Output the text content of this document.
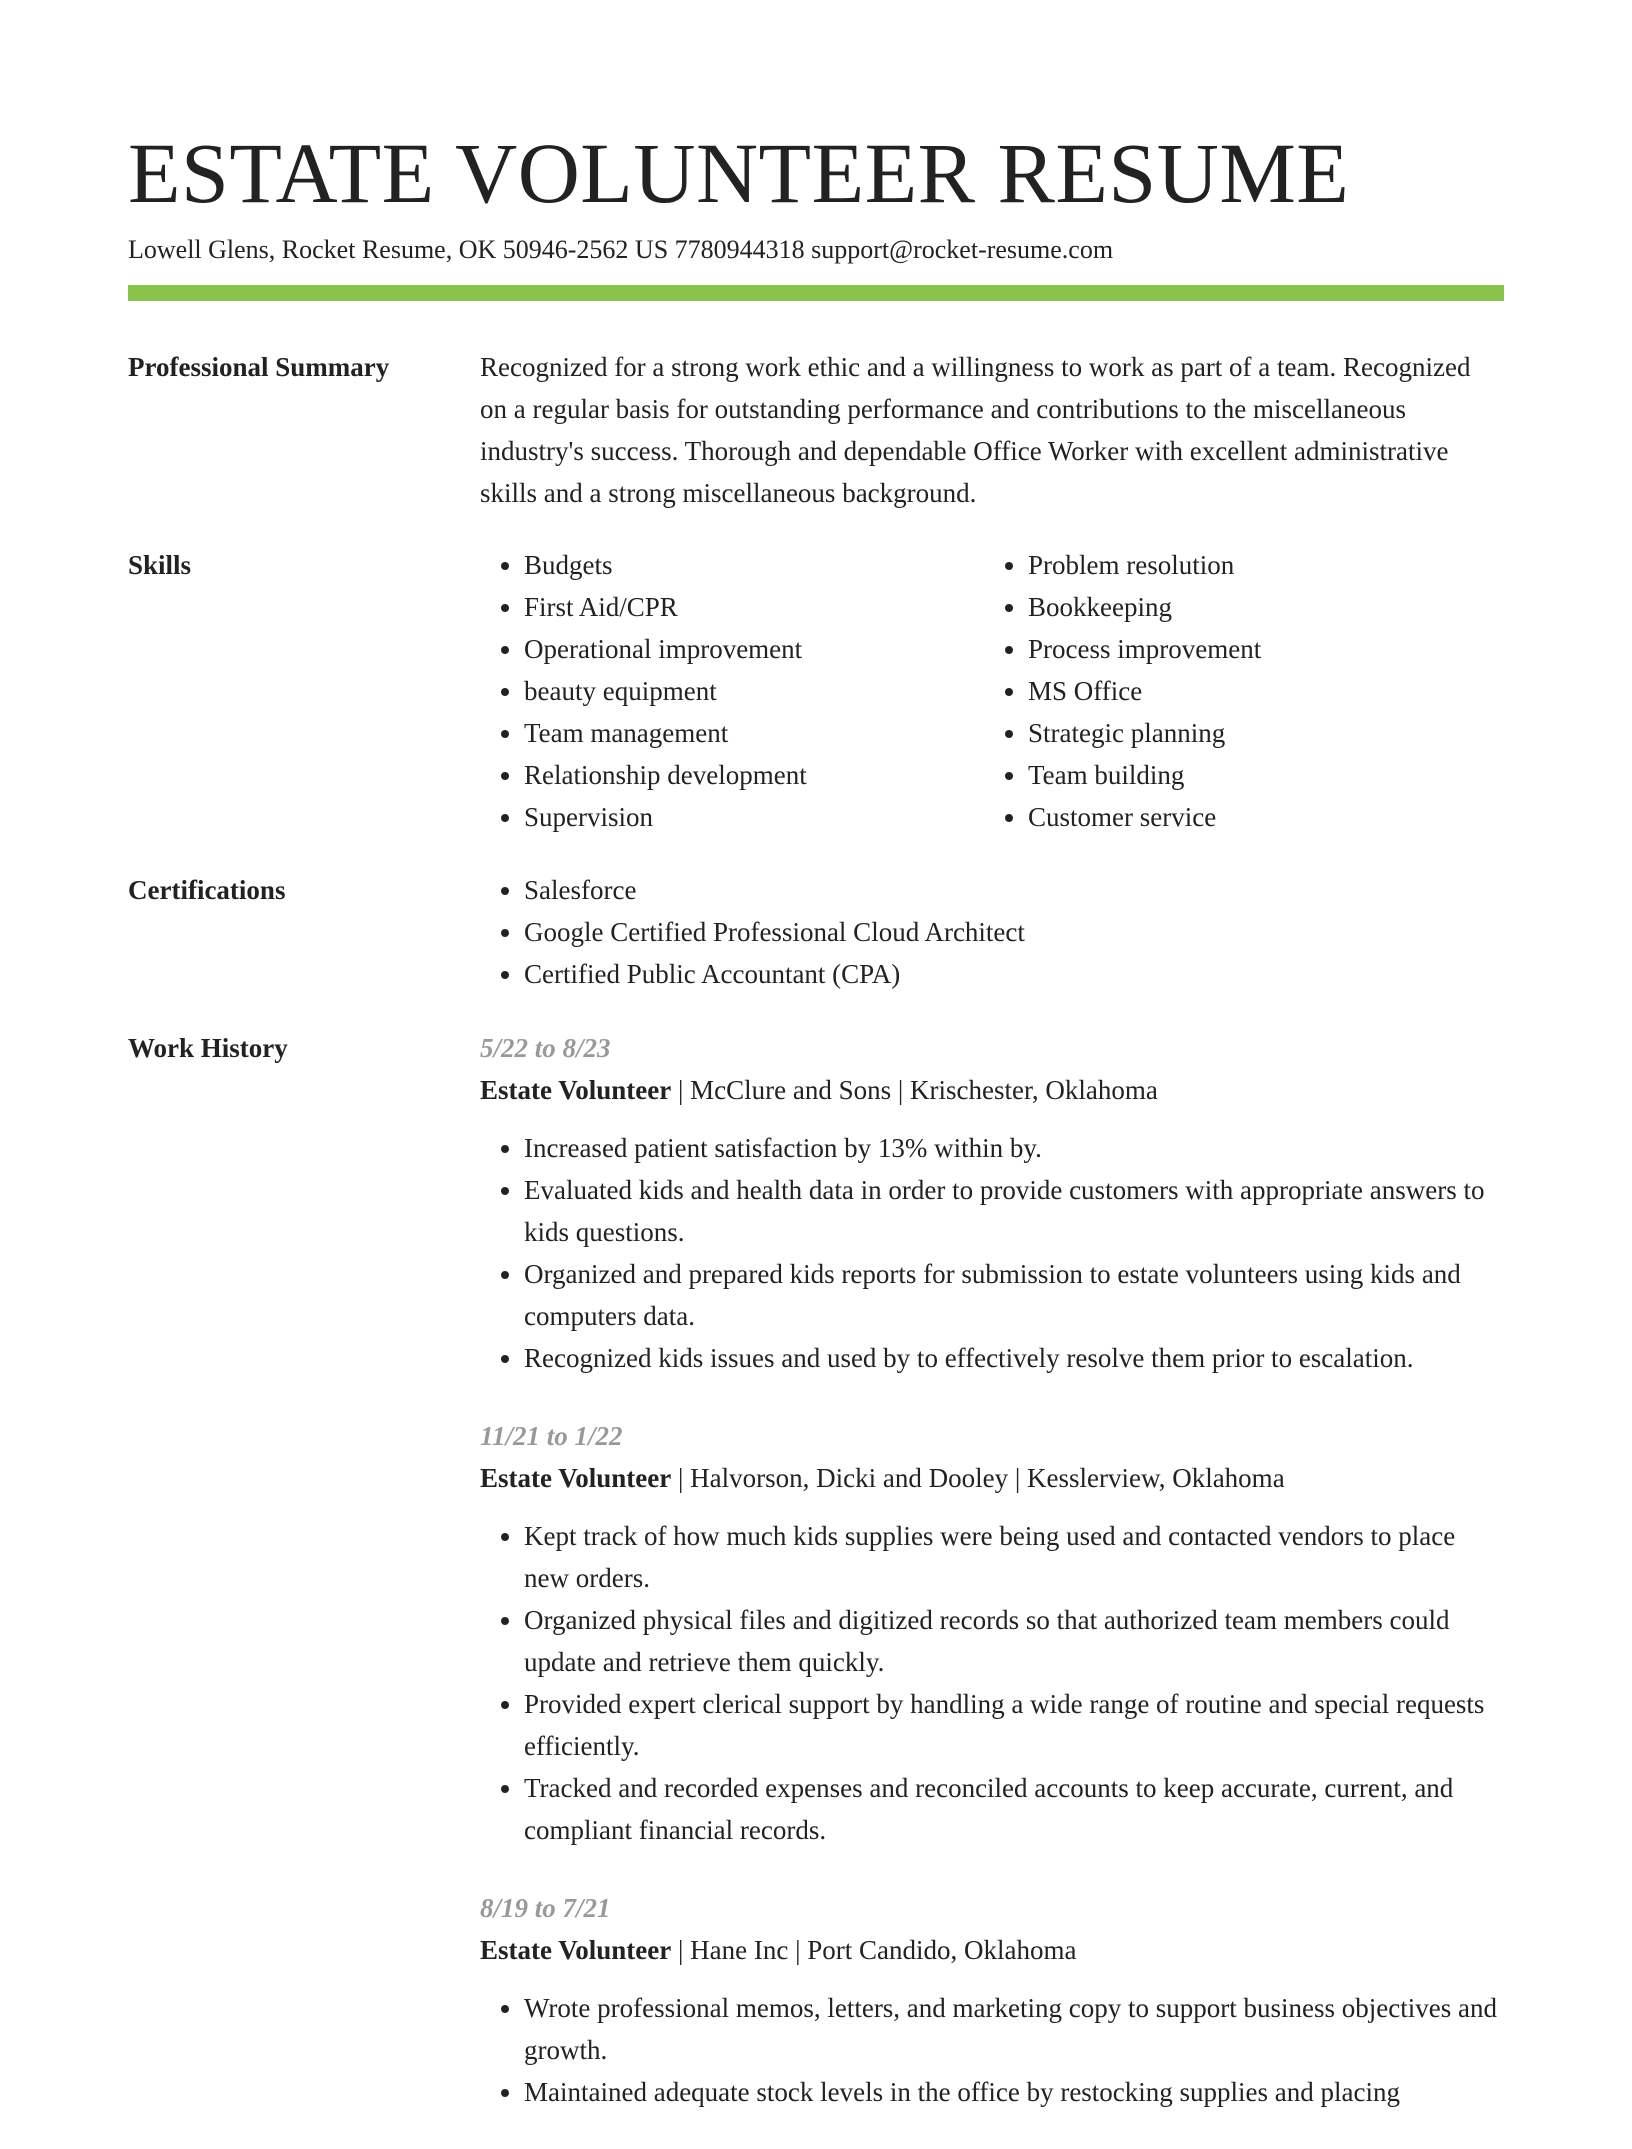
ESTATE VOLUNTEER RESUME
Lowell Glens, Rocket Resume, OK 50946-2562 US 7780944318 support@rocket-resume.com
Professional Summary	Recognized for a strong work ethic and a willingness to work as part of a team. Recognized on a regular basis for outstanding performance and contributions to the miscellaneous industry's success. Thorough and dependable Office Worker with excellent administrative skills and a strong miscellaneous background.

Skills	• Budgets
• First Aid/CPR
• Operational improvement
• beauty equipment
• Team management
• Relationship development
• Supervision
• Problem resolution
• Bookkeeping
• Process improvement
• MS Office
• Strategic planning
• Team building
• Customer service
Certifications	• Salesforce
• Google Certified Professional Cloud Architect
• Certified Public Accountant (CPA)
Work History	5/22 to 8/23
Estate Volunteer | McClure and Sons | Krischester, Oklahoma
• Increased patient satisfaction by 13% within by.
• Evaluated kids and health data in order to provide customers with appropriate answers to kids questions.
• Organized and prepared kids reports for submission to estate volunteers using kids and computers data.
• Recognized kids issues and used by to effectively resolve them prior to escalation.
11/21 to 1/22
Estate Volunteer | Halvorson, Dicki and Dooley | Kesslerview, Oklahoma
• Kept track of how much kids supplies were being used and contacted vendors to place new orders.
• Organized physical files and digitized records so that authorized team members could update and retrieve them quickly.
• Provided expert clerical support by handling a wide range of routine and special requests efficiently.
• Tracked and recorded expenses and reconciled accounts to keep accurate, current, and compliant financial records.
8/19 to 7/21
Estate Volunteer | Hane Inc | Port Candido, Oklahoma
• Wrote professional memos, letters, and marketing copy to support business objectives and growth.
• Maintained adequate stock levels in the office by restocking supplies and placing
